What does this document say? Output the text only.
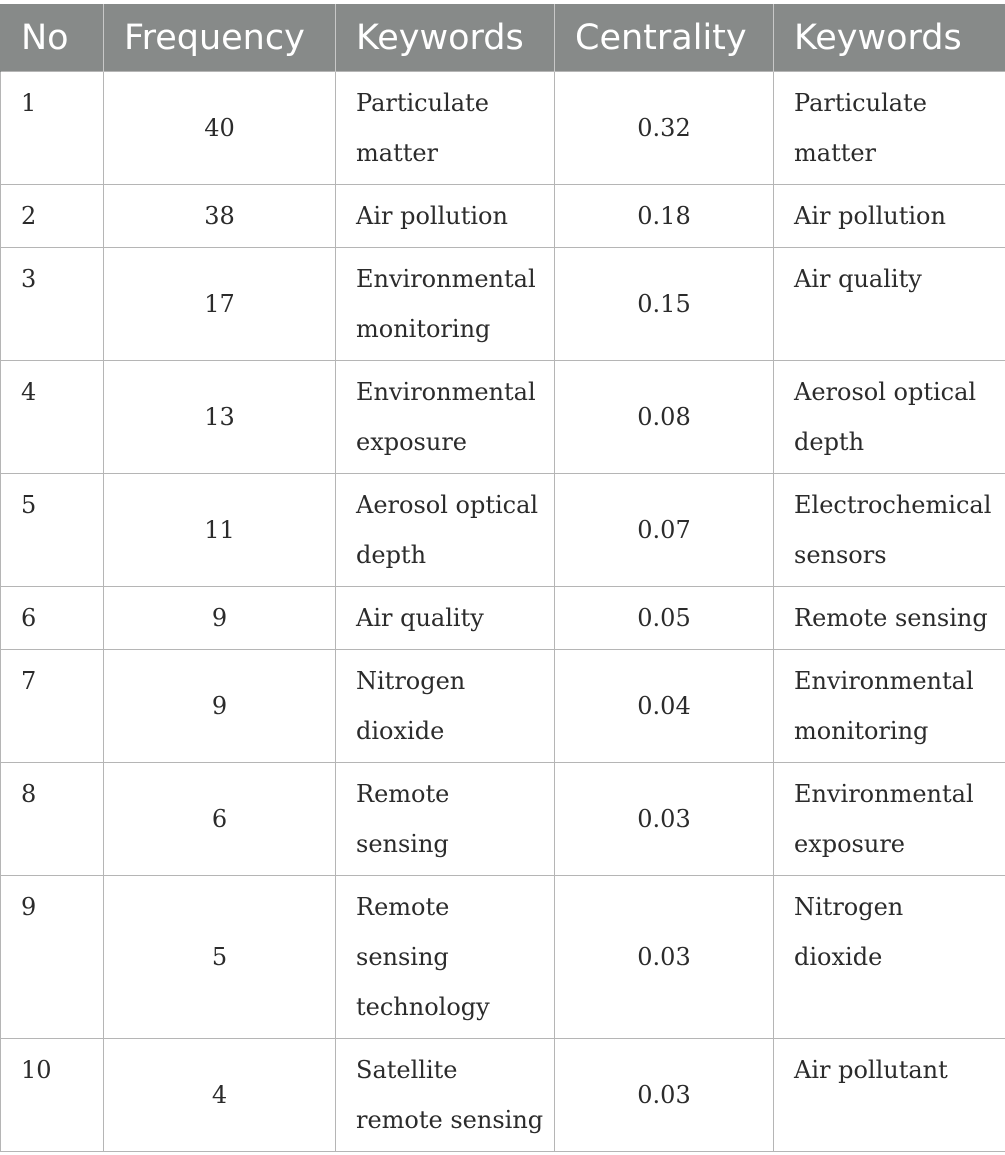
No	Frequency	Keywords	Centrality	Keywords
1	40	Particulate matter	0.32	Particulate matter
2	38	Air pollution	0.18	Air pollution
3	17	Environmental monitoring	0.15	Air quality
4	13	Environmental exposure	0.08	Aerosol optical depth
5	11	Aerosol optical depth	0.07	Electrochemical sensors
6	9	Air quality	0.05	Remote sensing
7	9	Nitrogen dioxide	0.04	Environmental monitoring
8	6	Remote sensing	0.03	Environmental exposure
9	5	Remote sensing technology	0.03	Nitrogen dioxide
10	4	Satellite remote sensing	0.03	Air pollutant
